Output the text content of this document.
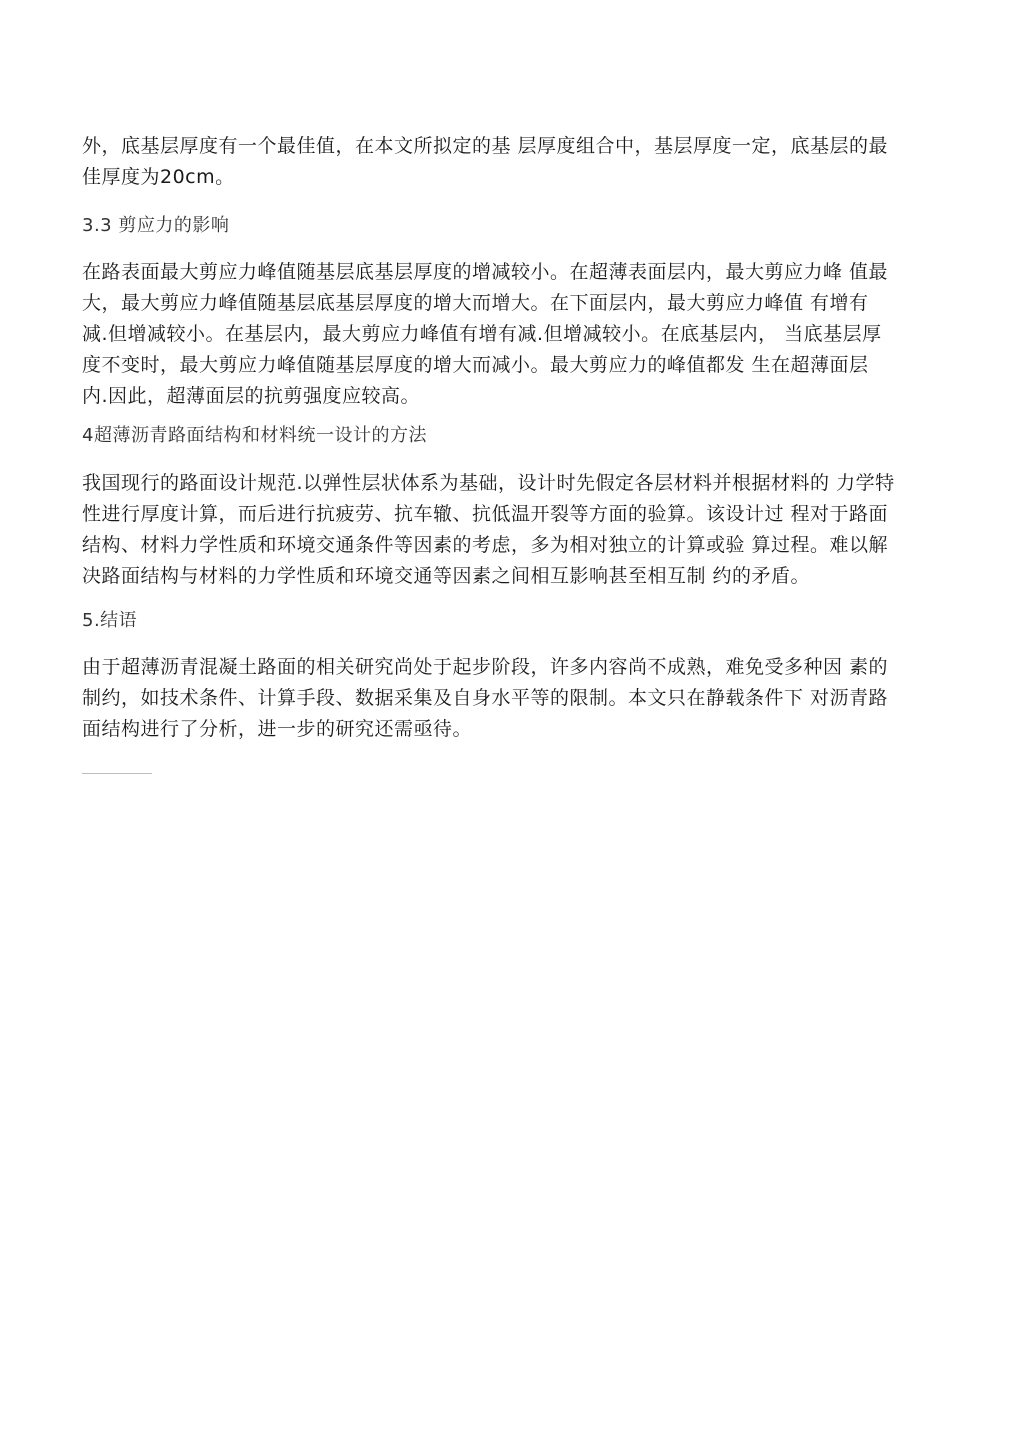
外，底基层厚度有一个最佳值，在本文所拟定的基 层厚度组合中，基层厚度一定，底基层的最
佳厚度为20cm。
3.3 剪应力的影响
在路表面最大剪应力峰值随基层底基层厚度的增减较小。在超薄表面层内，最大剪应力峰 值最
大，最大剪应力峰值随基层底基层厚度的增大而增大。在下面层内，最大剪应力峰值 有增有
减.但增减较小。在基层内，最大剪应力峰值有增有减.但增减较小。在底基层内， 当底基层厚
度不变时，最大剪应力峰值随基层厚度的增大而减小。最大剪应力的峰值都发 生在超薄面层
内.因此，超薄面层的抗剪强度应较高。
4超薄沥青路面结构和材料统一设计的方法
我国现行的路面设计规范.以弹性层状体系为基础，设计时先假定各层材料并根据材料的 力学特
性进行厚度计算，而后进行抗疲劳、抗车辙、抗低温开裂等方面的验算。该设计过 程对于路面
结构、材料力学性质和环境交通条件等因素的考虑，多为相对独立的计算或验 算过程。难以解
决路面结构与材料的力学性质和环境交通等因素之间相互影响甚至相互制 约的矛盾。
5.结语
由于超薄沥青混凝土路面的相关研究尚处于起步阶段，许多内容尚不成熟，难免受多种因 素的
制约，如技术条件、计算手段、数据采集及自身水平等的限制。本文只在静载条件下 对沥青路
面结构进行了分析，进一步的研究还需亟待。
